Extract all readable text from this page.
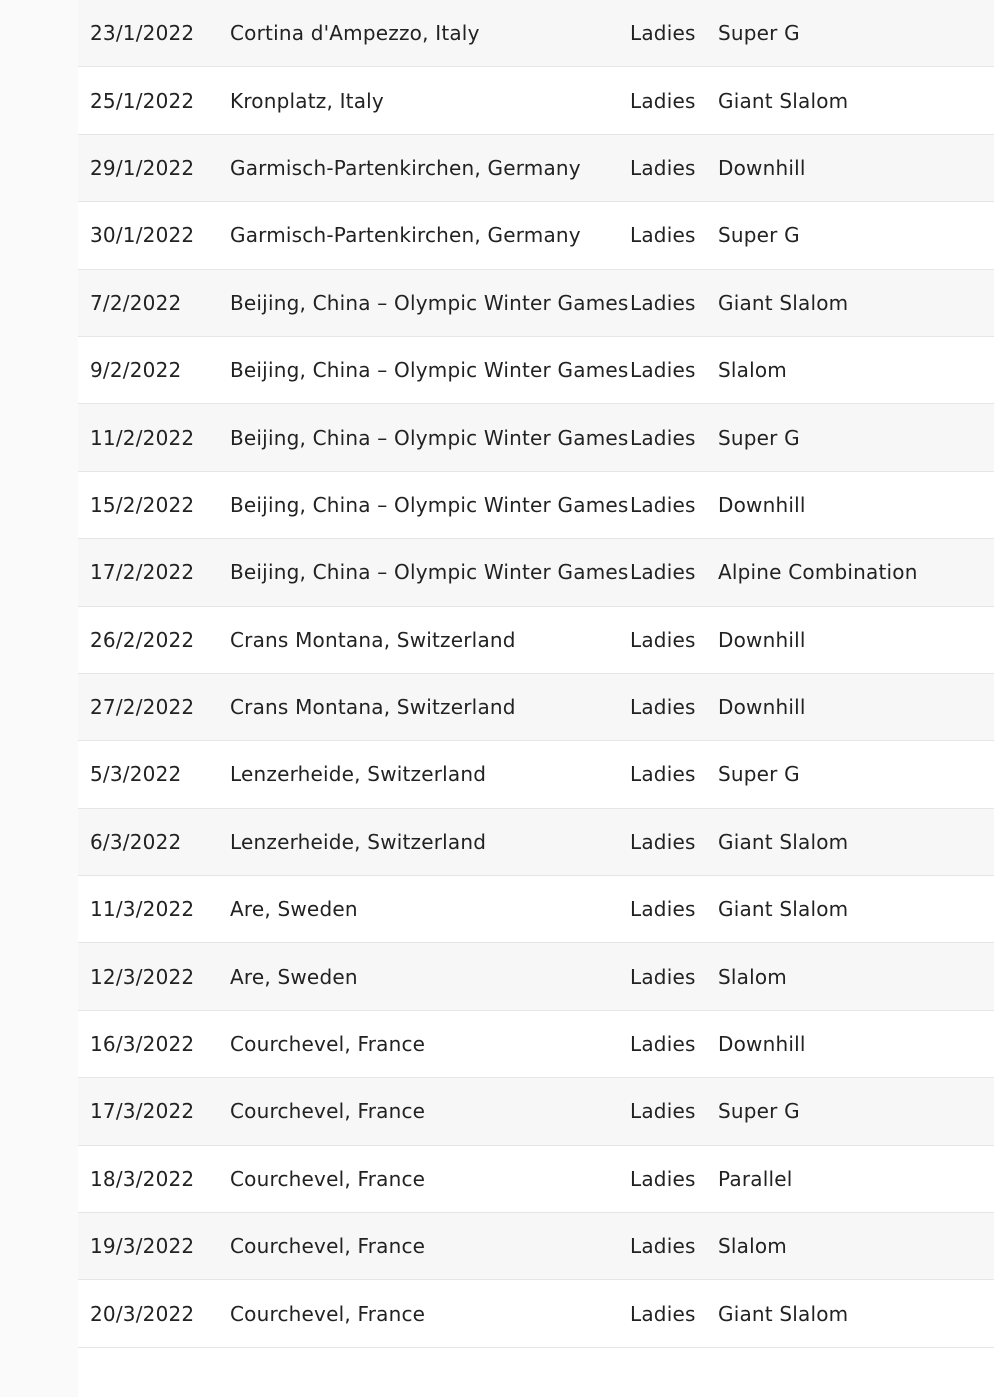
23/1/2022 Cortina d'Ampezzo, Italy	Ladies Super G
25/1/2022 Kronplatz, Italy	Ladies Giant Slalom
29/1/2022 Garmisch-Partenkirchen, Germany Ladies Downhill
30/1/2022 Garmisch-Partenkirchen, Germany Ladies Super G
7/2/2022 Beijing, China – Olympic Winter Games Ladies Giant Slalom
9/2/2022 Beijing, China – Olympic Winter Games Ladies Slalom
11/2/2022 Beijing, China – Olympic Winter Games Ladies Super G
15/2/2022 Beijing, China – Olympic Winter Games Ladies Downhill
17/2/2022 Beijing, China – Olympic Winter Games Ladies Alpine Combination
26/2/2022 Crans Montana, Switzerland	Ladies Downhill
27/2/2022 Crans Montana, Switzerland	Ladies Downhill
5/3/2022 Lenzerheide, Switzerland	Ladies Super G
6/3/2022 Lenzerheide, Switzerland	Ladies Giant Slalom
11/3/2022 Are, Sweden	Ladies Giant Slalom
12/3/2022 Are, Sweden	Ladies Slalom
16/3/2022 Courchevel, France	Ladies Downhill
17/3/2022 Courchevel, France	Ladies Super G
18/3/2022 Courchevel, France	Ladies Parallel
19/3/2022 Courchevel, France	Ladies Slalom
20/3/2022 Courchevel, France	Ladies Giant Slalom
